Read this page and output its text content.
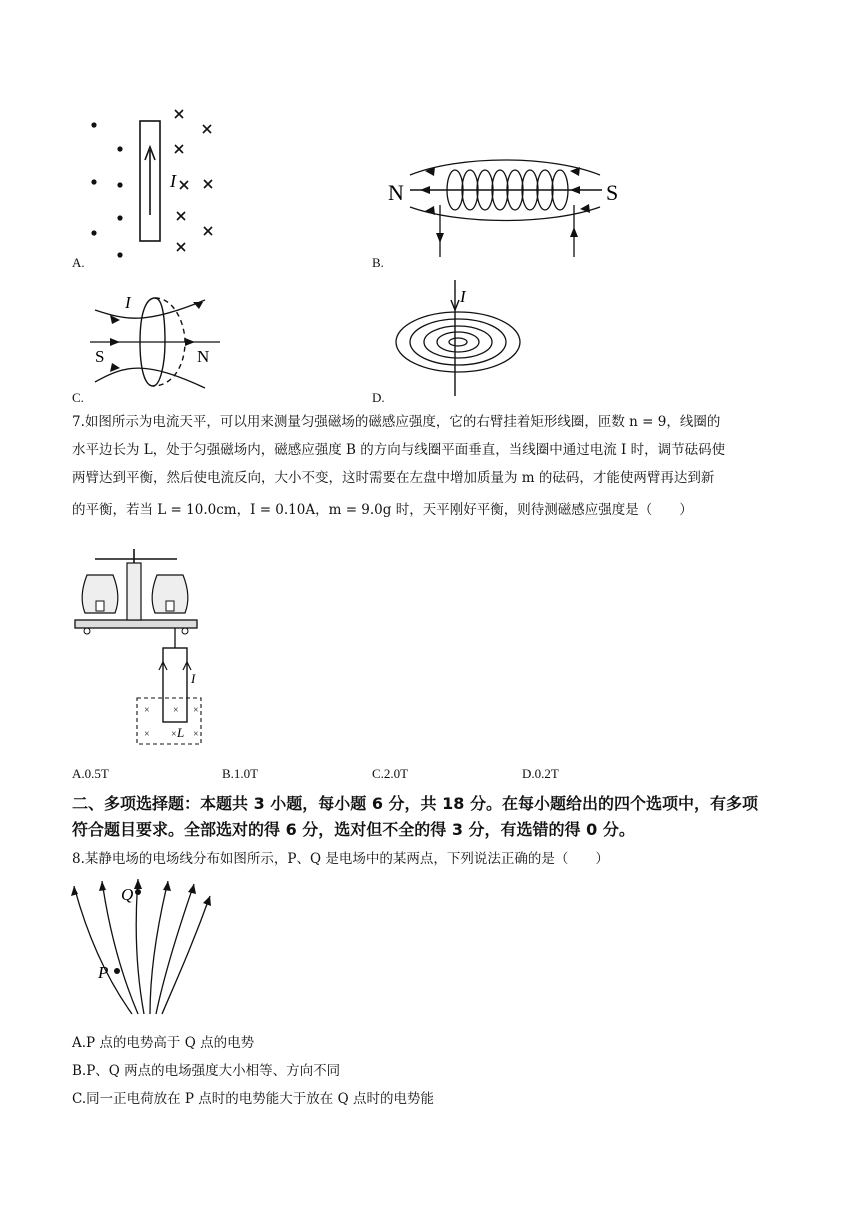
I
A.
N	S
B.
I
S	N
C.
I
D.
7.如图所示为电流天平，可以用来测量匀强磁场的磁感应强度，它的右臂挂着矩形线圈，匝数 n = 9，线圈的
水平边长为 L，处于匀强磁场内，磁感应强度 B 的方向与线圈平面垂直，当线圈中通过电流 I 时，调节砝码使
两臂达到平衡，然后使电流反向，大小不变，这时需要在左盘中增加质量为 m 的砝码，才能使两臂再达到新
的平衡，若当 L = 10.0cm，I = 0.10A，m = 9.0g 时，天平刚好平衡，则待测磁感应强度是（　　）
× × ×
× × ×
I
L
A.0.5T	B.1.0T	C.2.0T	D.0.2T
二、多项选择题：本题共 3 小题，每小题 6 分，共 18 分。在每小题给出的四个选项中，有多项
符合题目要求。全部选对的得 6 分，选对但不全的得 3 分，有选错的得 0 分。
8.某静电场的电场线分布如图所示，P、Q 是电场中的某两点，下列说法正确的是（　　）
P
Q
A.P 点的电势高于 Q 点的电势
B.P、Q 两点的电场强度大小相等、方向不同
C.同一正电荷放在 P 点时的电势能大于放在 Q 点时的电势能
